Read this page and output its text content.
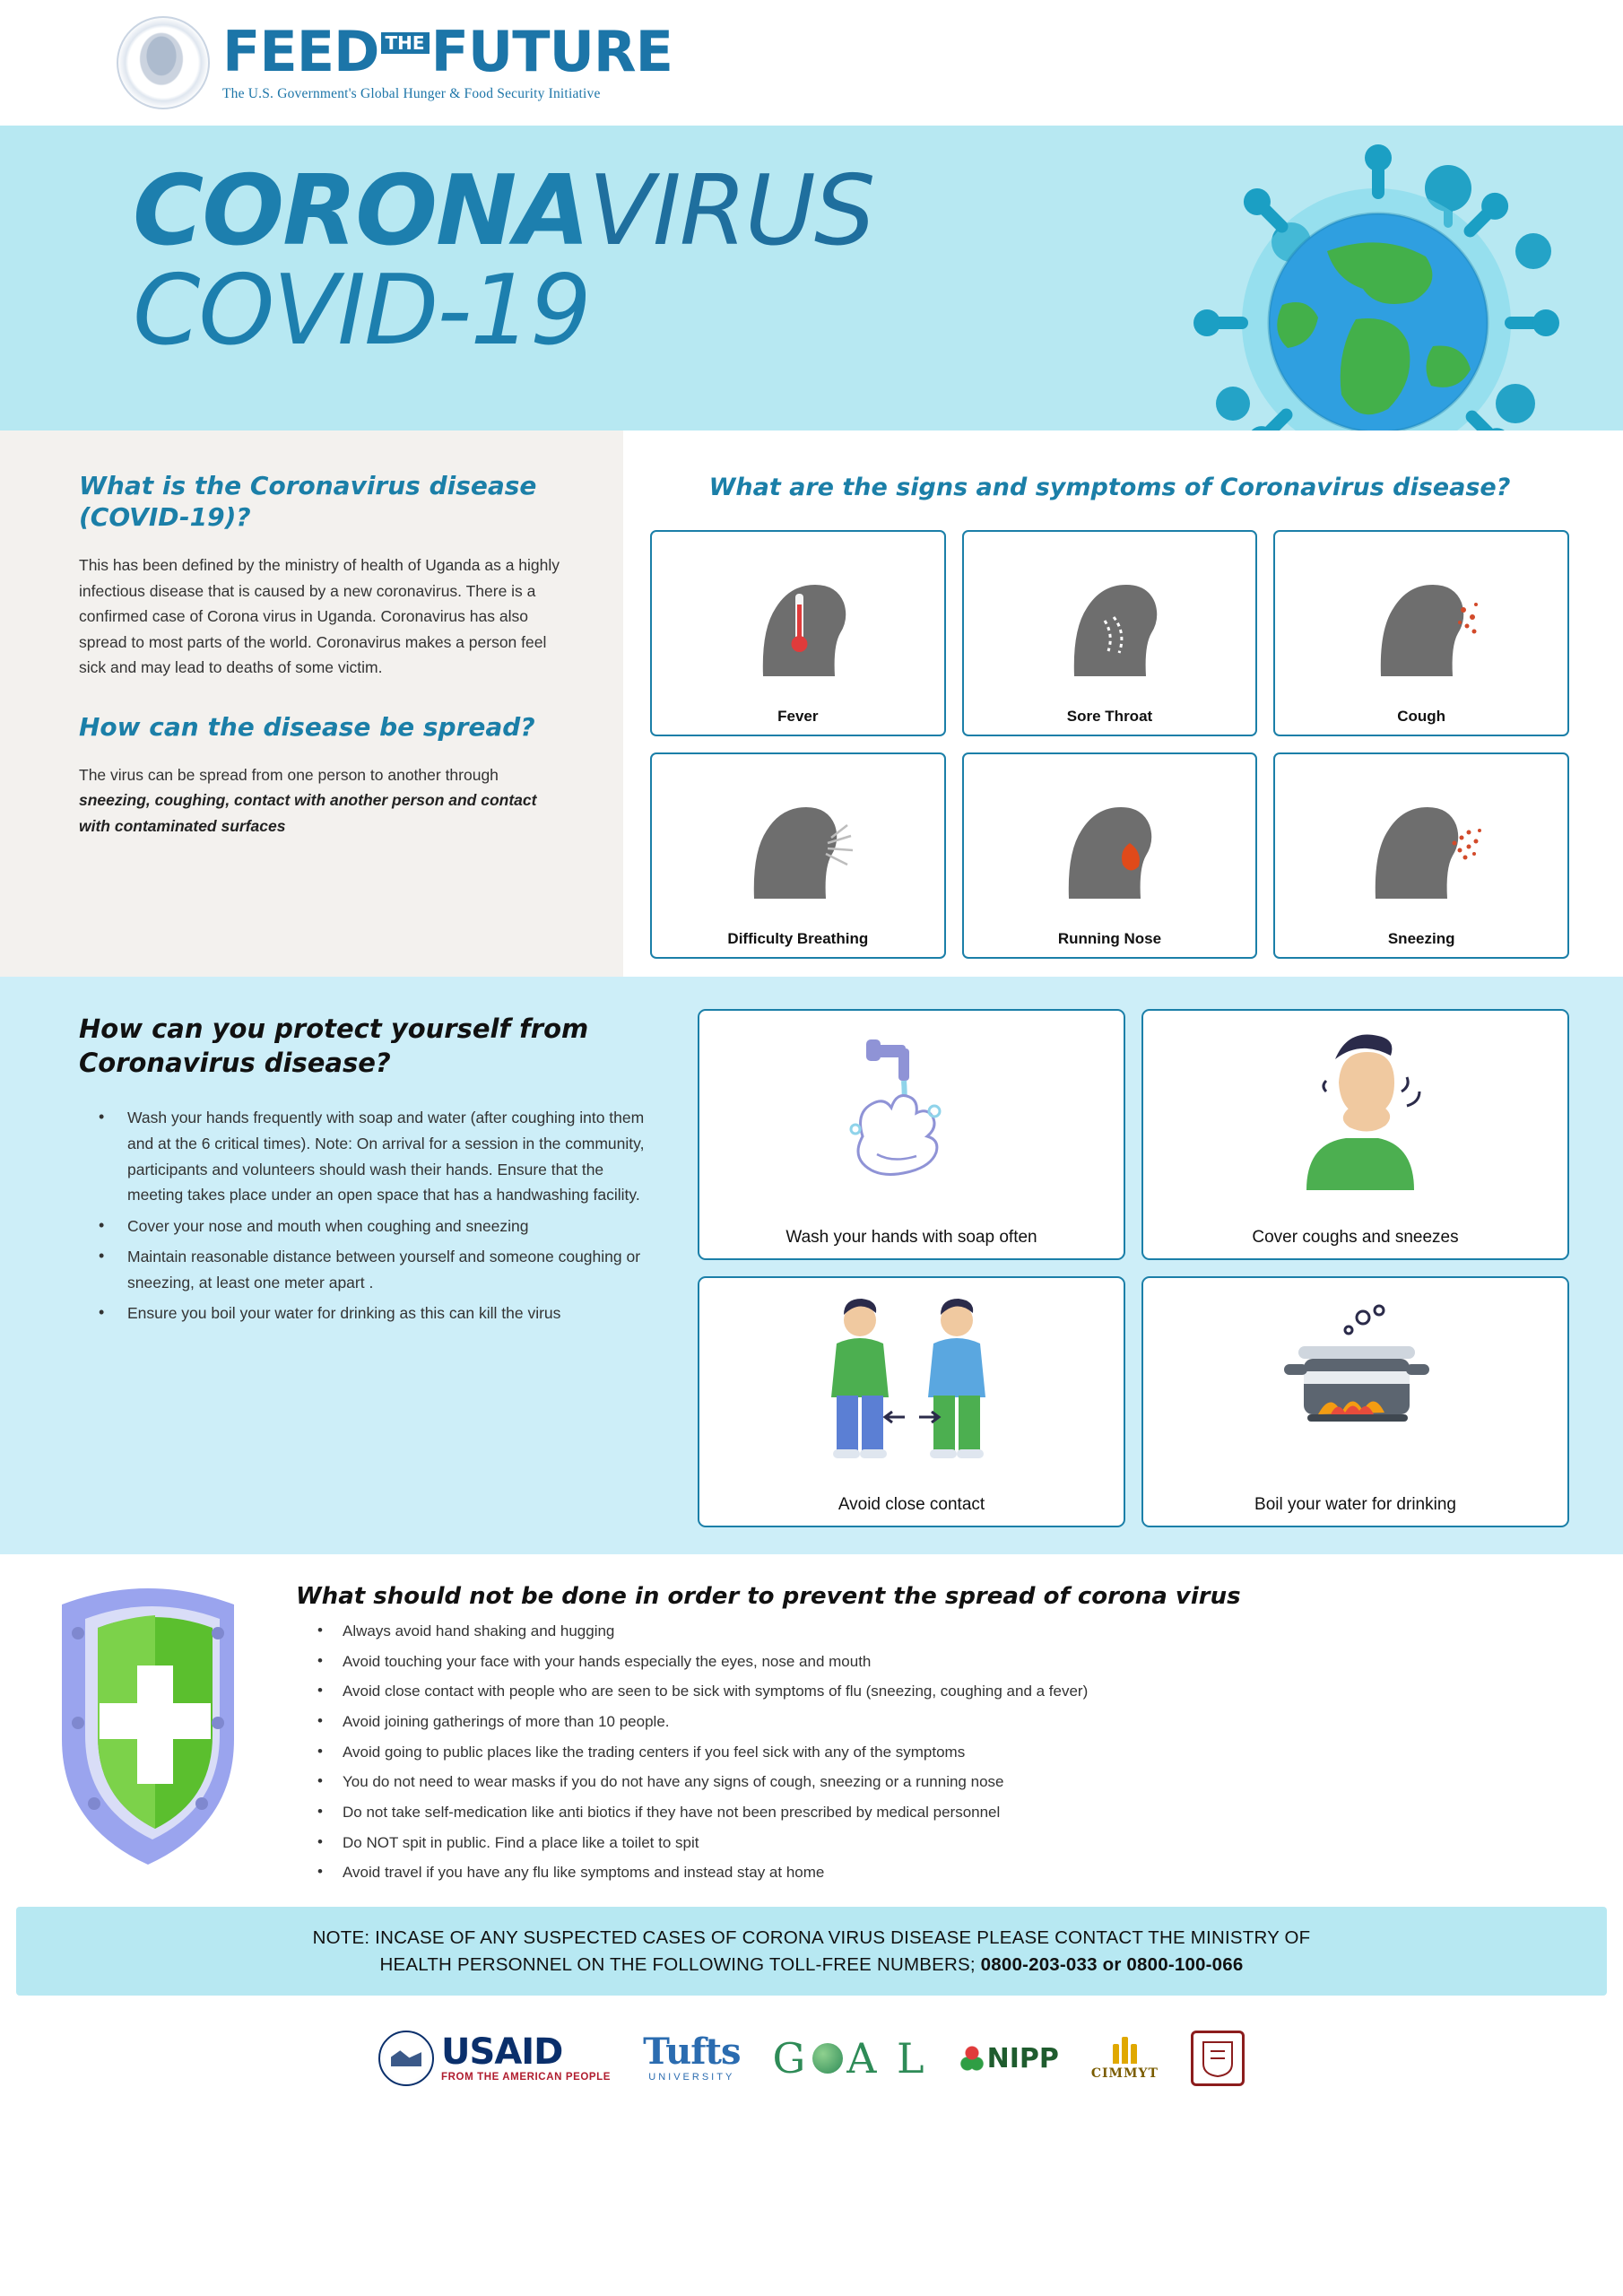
FEED THE FUTURE
The U.S. Government's Global Hunger & Food Security Initiative
CORONAVIRUS
COVID-19
What is the Coronavirus disease (COVID-19)?

This has been defined by the ministry of health of Uganda as a highly infectious disease that is caused by a new coronavirus. There is a confirmed case of Corona virus in Uganda. Coronavirus has also spread to most parts of the world. Coronavirus makes a person feel sick and may lead to deaths of some victim.

How can the disease be spread?

The virus can be spread from one person to another through sneezing, coughing, contact with another person and contact with contaminated surfaces

What are the signs and symptoms of Coronavirus disease?
Fever	Sore Throat	Cough
Difficulty Breathing	Running Nose	Sneezing
How can you protect yourself from Coronavirus disease?
• Wash your hands frequently with soap and water (after coughing into them and at the 6 critical times). Note: On arrival for a session in the community, participants and volunteers should wash their hands. Ensure that the meeting takes place under an open space that has a handwashing facility.
• Cover your nose and mouth when coughing and sneezing
• Maintain reasonable distance between yourself and someone coughing or sneezing, at least one meter apart .
• Ensure you boil your water for drinking as this can kill the virus
Wash your hands with soap often	Cover coughs and sneezes
Avoid close contact	Boil your water for drinking
What should not be done in order to prevent the spread of corona virus
• Always avoid hand shaking and hugging
• Avoid touching your face with your hands especially the eyes, nose and mouth
• Avoid close contact with people who are seen to be sick with symptoms of flu (sneezing, coughing and a fever)
• Avoid joining gatherings of more than 10 people.
• Avoid going to public places like the trading centers if you feel sick with any of the symptoms
• You do not need to wear masks if you do not have any signs of cough, sneezing or a running nose
• Do not take self-medication like anti biotics if they have not been prescribed by medical personnel
• Do NOT spit in public. Find a place like a toilet to spit
• Avoid travel if you have any flu like symptoms and instead stay at home

NOTE: INCASE OF ANY SUSPECTED CASES OF CORONA VIRUS DISEASE PLEASE CONTACT THE MINISTRY OF

HEALTH PERSONNEL ON THE FOLLOWING TOLL-FREE NUMBERS; 0800-203-033 or 0800-100-066

USAID
FROM THE AMERICAN PEOPLE
Tufts
UNIVERSITY G A L NIPP	CIMMYT
